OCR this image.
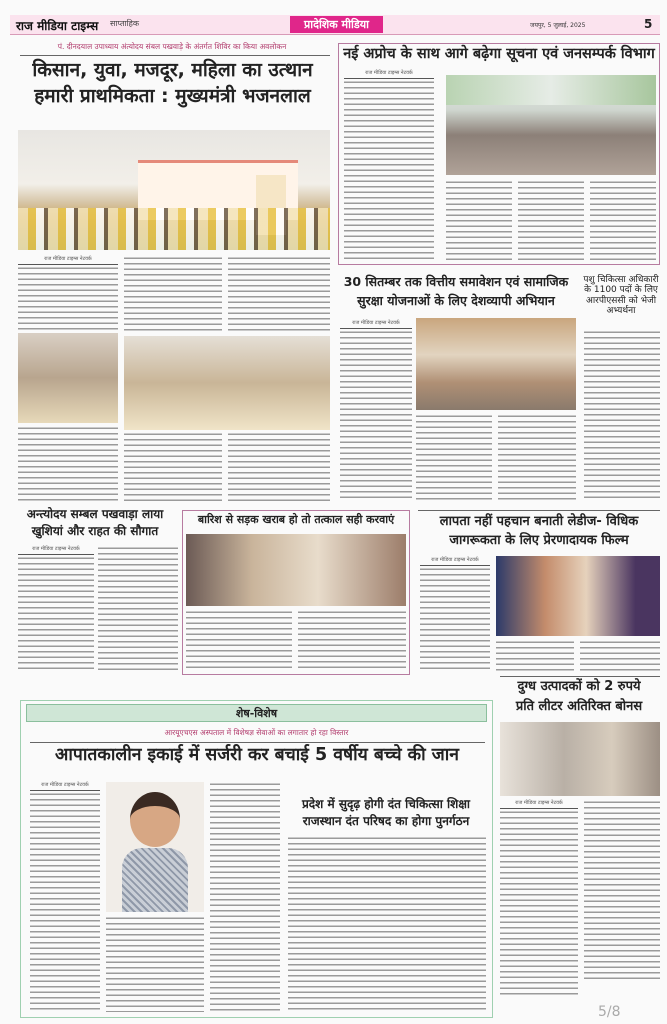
राज मीडिया टाइम्स साप्ताहिक	प्रादेशिक मीडिया	जयपुर, 5 जुलाई, 2025	5
पं. दीनदयाल उपाध्याय अंत्योदय संबल पखवाड़े के अंतर्गत शिविर का किया अवलोकन
किसान, युवा, मजदूर, महिला का उत्थान
हमारी प्राथमिकता : मुख्यमंत्री भजनलाल
राज मीडिया टाइम्स नेटवर्क
नई अप्रोच के साथ आगे बढ़ेगा सूचना एवं जनसम्पर्क विभाग
राज मीडिया टाइम्स नेटवर्क
30 सितम्बर तक वित्तीय समावेशन एवं सामाजिक
सुरक्षा योजनाओं के लिए देशव्यापी अभियान
राज मीडिया टाइम्स नेटवर्क
पशु चिकित्सा अधिकारी के 1100 पदों के लिए आरपीएससी को भेजी अभ्यर्थना
अन्त्योदय सम्बल पखवाड़ा लाया
खुशियां और राहत की सौगात
राज मीडिया टाइम्स नेटवर्क
बारिश से सड़क खराब हो तो तत्काल सही करवाएं	लापता नहीं पहचान बनाती लेडीज- विधिक
जागरूकता के लिए प्रेरणादायक फिल्म
राज मीडिया टाइम्स नेटवर्क
शेष-विशेष
आरयूएचएस अस्पताल में विशेषज्ञ सेवाओं का लगातार हो रहा विस्तार
आपातकालीन इकाई में सर्जरी कर बचाई 5 वर्षीय बच्चे की जान
राज मीडिया टाइम्स नेटवर्क
प्रदेश में सुदृढ़ होगी दंत चिकित्सा शिक्षा
राजस्थान दंत परिषद का होगा पुनर्गठन
दुग्ध उत्पादकों को 2 रुपये
प्रति लीटर अतिरिक्त बोनस
राज मीडिया टाइम्स नेटवर्क
5/8
